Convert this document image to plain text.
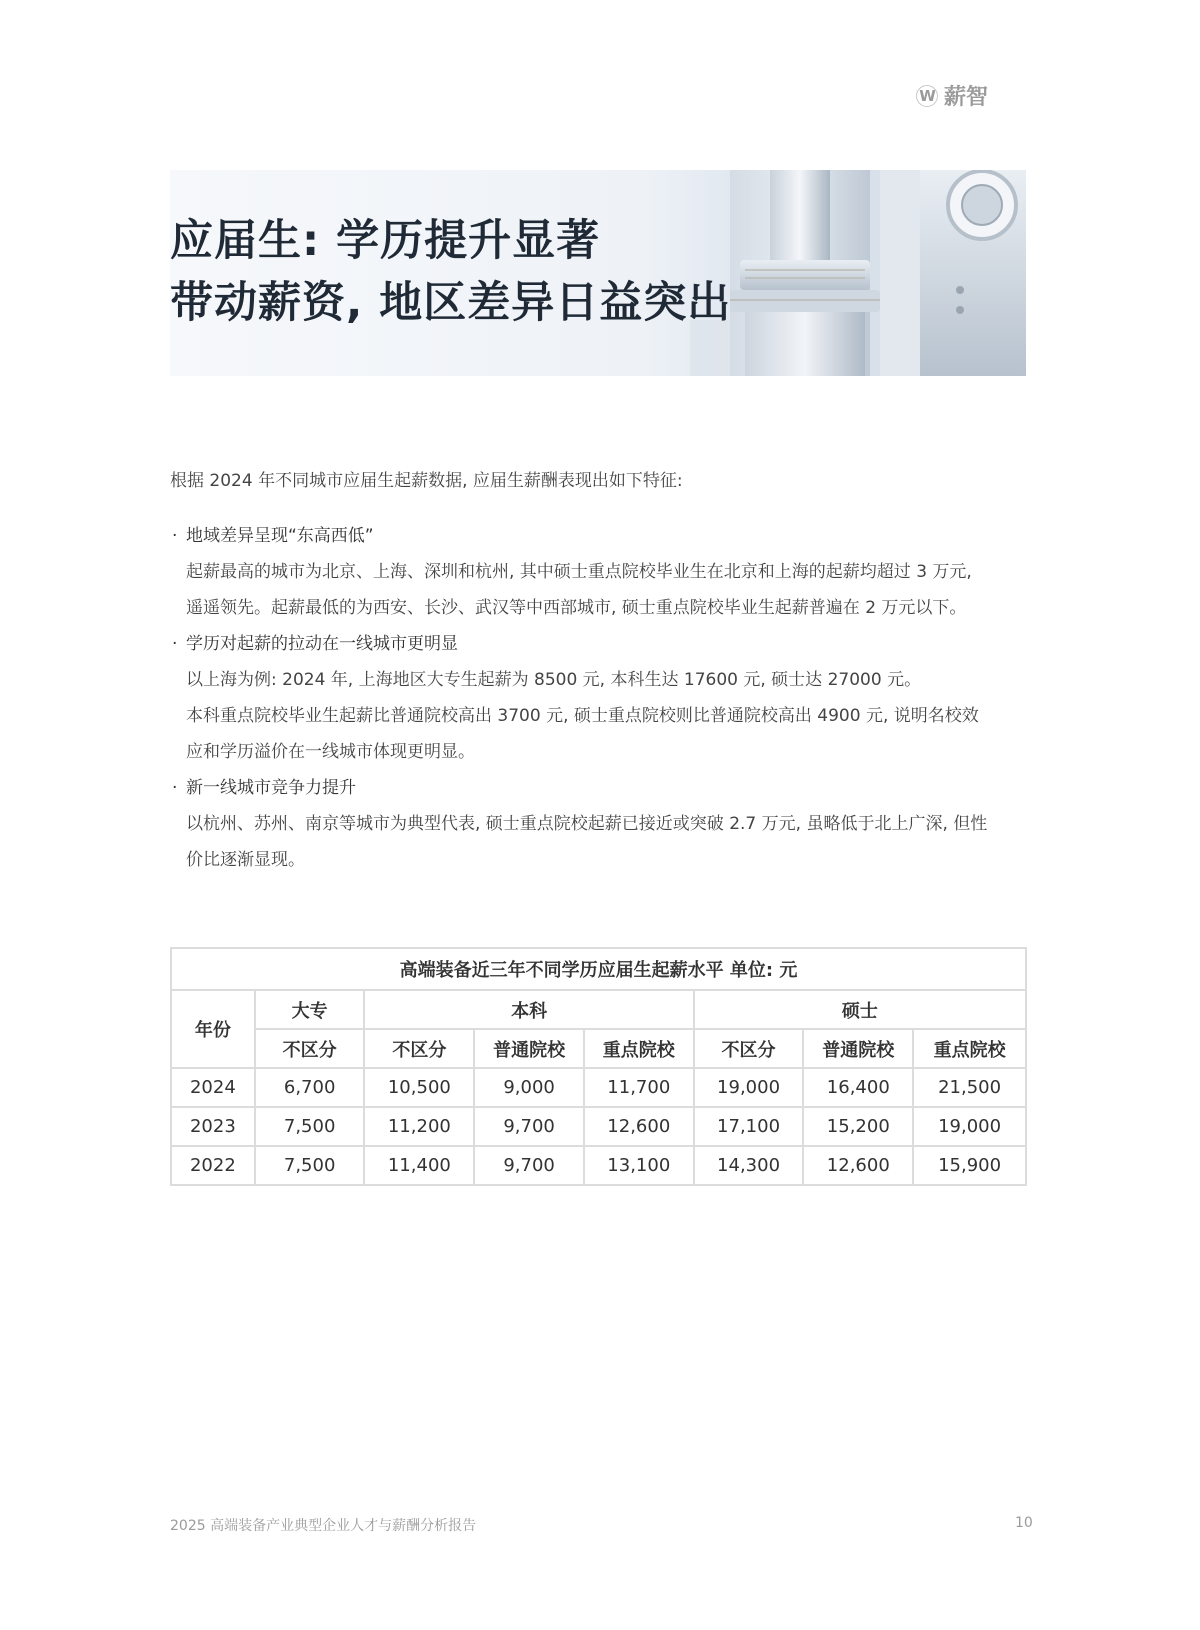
W 薪智
应届生: 学历提升显著
带动薪资, 地区差异日益突出

根据 2024 年不同城市应届生起薪数据, 应届生薪酬表现出如下特征:

· 地域差异呈现“东高西低”

起薪最高的城市为北京、上海、深圳和杭州, 其中硕士重点院校毕业生在北京和上海的起薪均超过 3 万元,

遥遥领先。起薪最低的为西安、长沙、武汉等中西部城市, 硕士重点院校毕业生起薪普遍在 2 万元以下。

· 学历对起薪的拉动在一线城市更明显

以上海为例: 2024 年, 上海地区大专生起薪为 8500 元, 本科生达 17600 元, 硕士达 27000 元。

本科重点院校毕业生起薪比普通院校高出 3700 元, 硕士重点院校则比普通院校高出 4900 元, 说明名校效

应和学历溢价在一线城市体现更明显。

· 新一线城市竞争力提升

以杭州、苏州、南京等城市为典型代表, 硕士重点院校起薪已接近或突破 2.7 万元, 虽略低于北上广深, 但性

价比逐渐显现。

高端装备近三年不同学历应届生起薪水平 单位: 元							
年份	大专	本科			硕士		
	不区分	不区分	普通院校	重点院校	不区分	普通院校	重点院校
2024	6,700	10,500	9,000	11,700	19,000	16,400	21,500
2023	7,500	11,200	9,700	12,600	17,100	15,200	19,000
2022	7,500	11,400	9,700	13,100	14,300	12,600	15,900
2025 高端装备产业典型企业人才与薪酬分析报告	10
